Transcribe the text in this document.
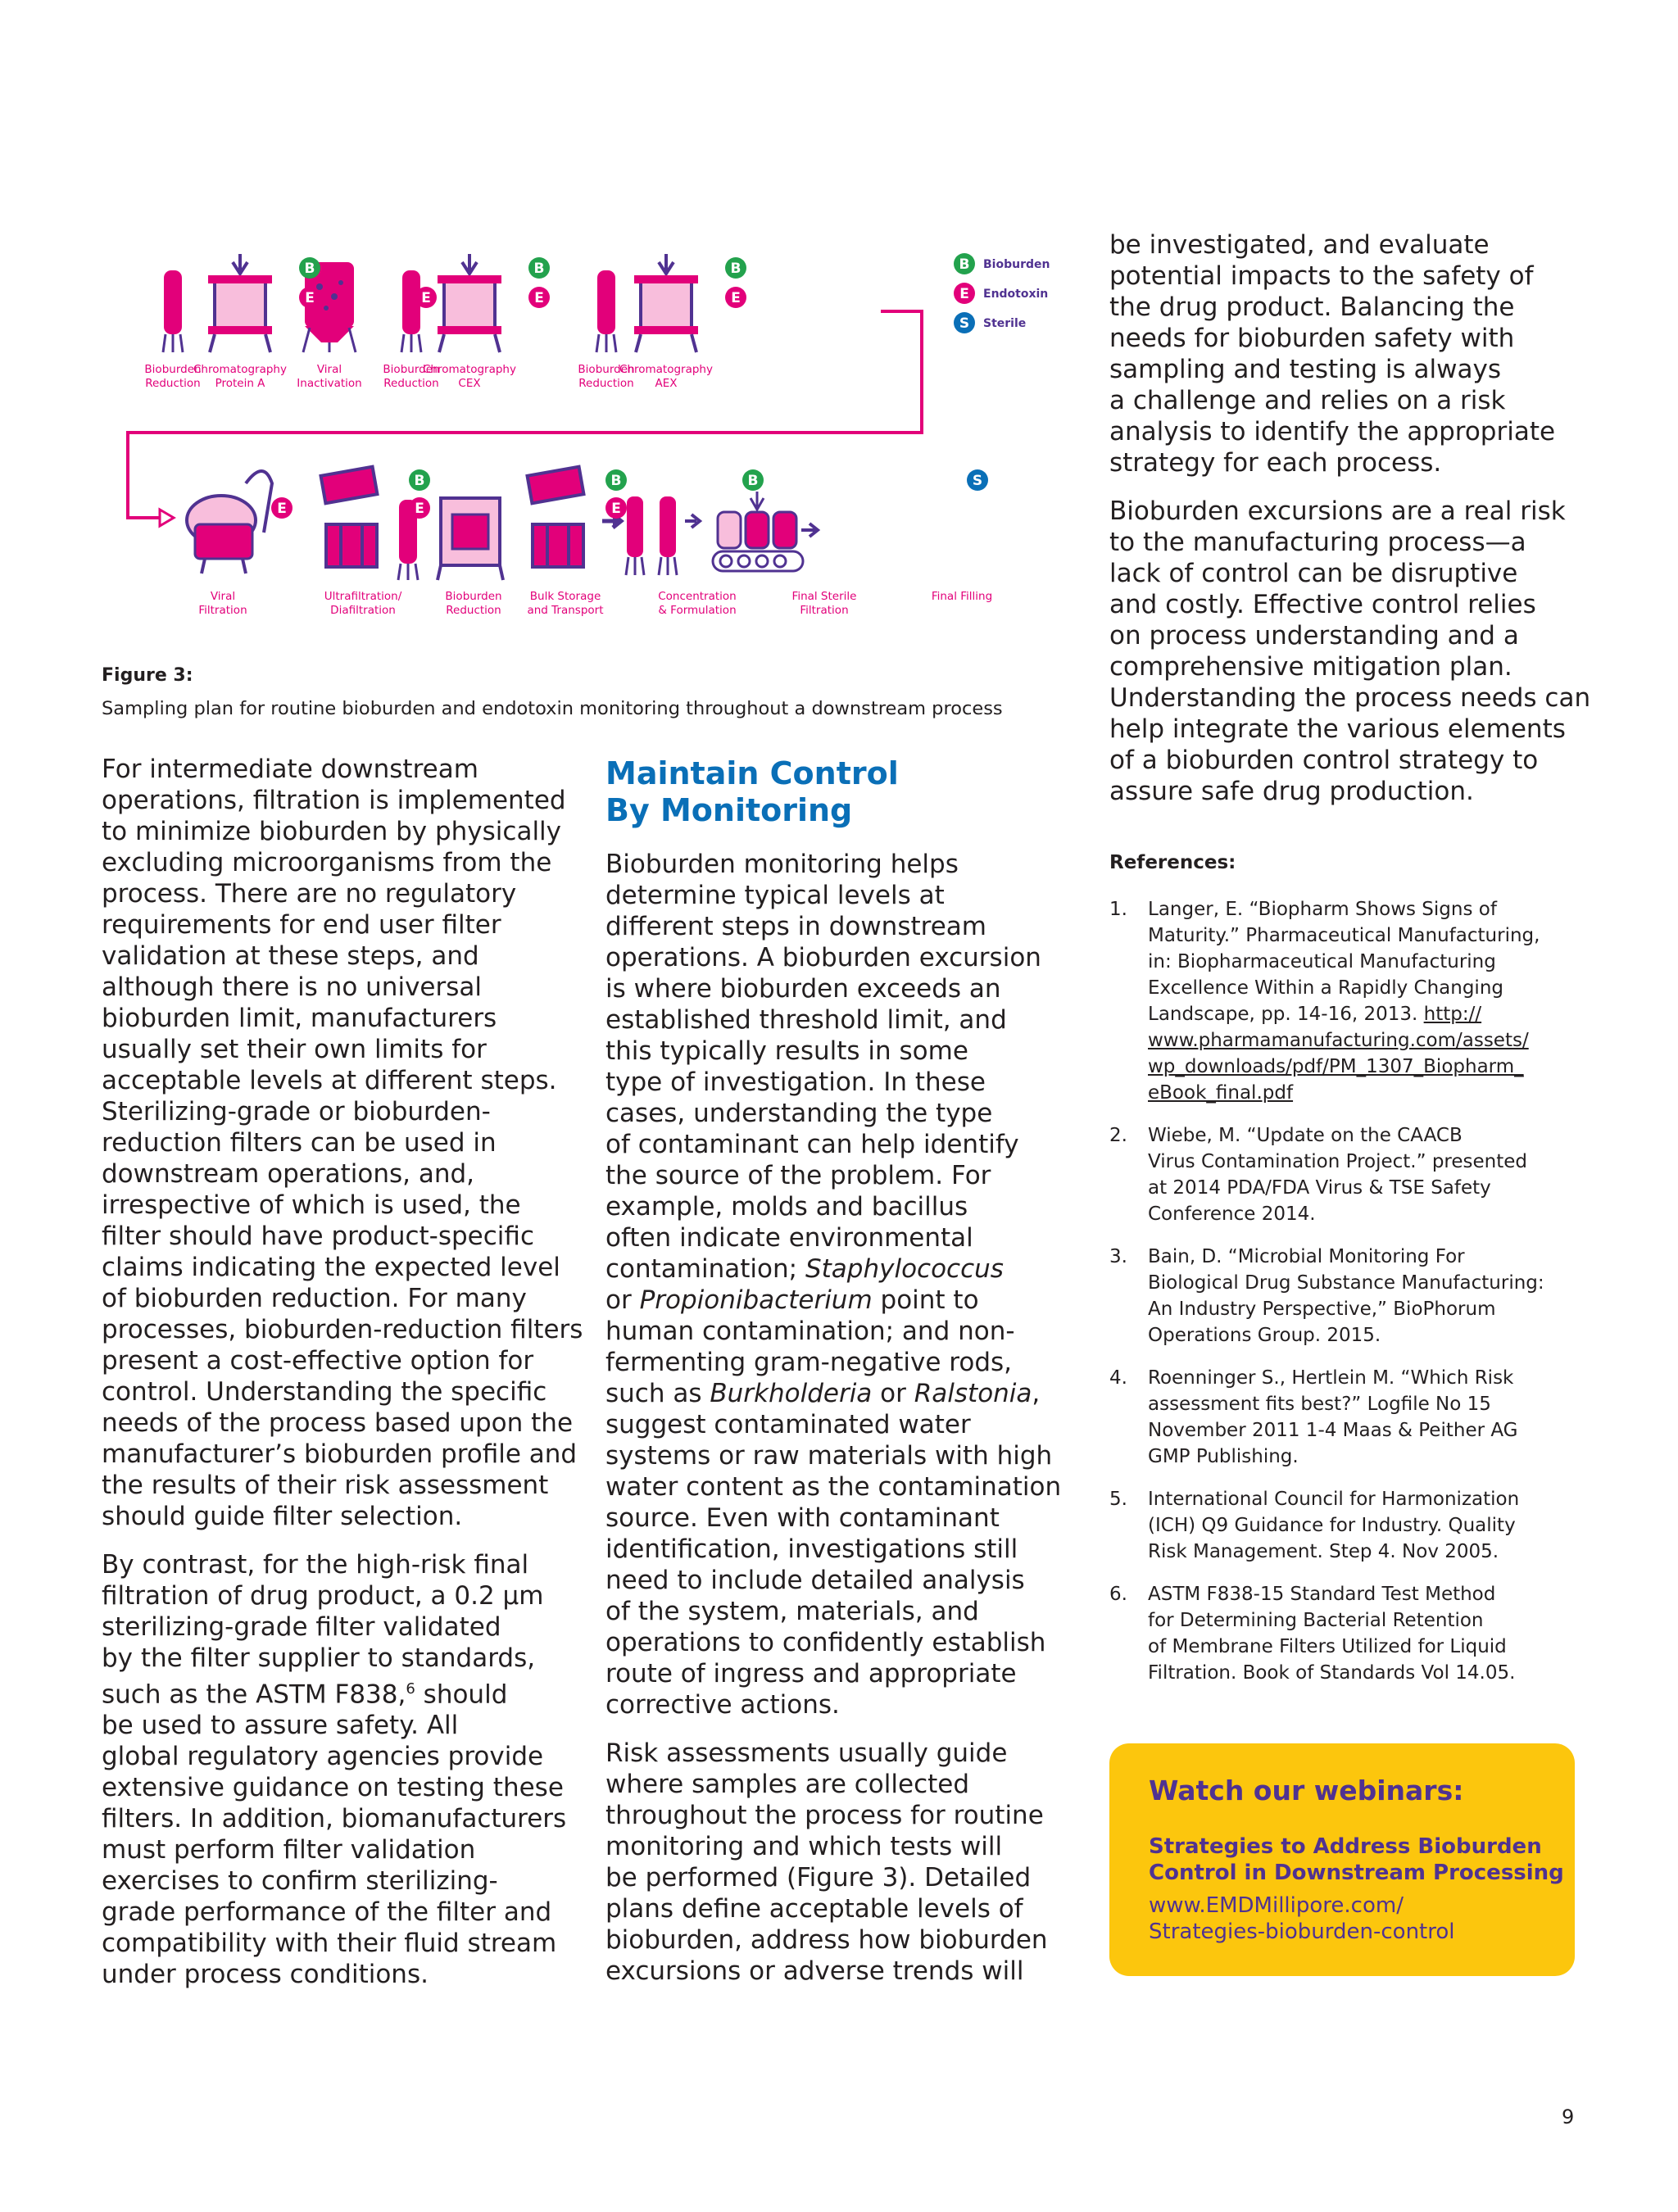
B
E	E
B
E
B
E
B Bioburden
E Endotoxin
S Sterile
Bioburden
Reduction
Chromatography
Protein A
Viral
Inactivation
Bioburden
Reduction
Chromatography
CEX
Bioburden
Reduction
Chromatography
AEX
E
B
E
B
E
B	S
Viral
Filtration
Ultrafiltration/
Diafiltration
Bioburden
Reduction
Bulk Storage
and Transport
Concentration
& Formulation
Final Sterile
Filtration
Final Filling
Figure 3:
Sampling plan for routine bioburden and endotoxin monitoring throughout a downstream process

For intermediate downstream

operations, filtration is implemented

to minimize bioburden by physically

excluding microorganisms from the

process. There are no regulatory

requirements for end user filter

validation at these steps, and

although there is no universal

bioburden limit, manufacturers

usually set their own limits for

acceptable levels at different steps.

Sterilizing-grade or bioburden-

reduction filters can be used in

downstream operations, and,

irrespective of which is used, the

filter should have product-specific

claims indicating the expected level

of bioburden reduction. For many

processes, bioburden-reduction filters

present a cost-effective option for

control. Understanding the specific

needs of the process based upon the

manufacturer’s bioburden profile and

the results of their risk assessment

should guide filter selection.

By contrast, for the high-risk final

filtration of drug product, a 0.2 µm

sterilizing-grade filter validated

by the filter supplier to standards,

such as the ASTM F838,$^6$ should

be used to assure safety. All

global regulatory agencies provide

extensive guidance on testing these

filters. In addition, biomanufacturers

must perform filter validation

exercises to confirm sterilizing-

grade performance of the filter and

compatibility with their fluid stream

under process conditions.

Maintain Control
By Monitoring

Bioburden monitoring helps

determine typical levels at

different steps in downstream

operations. A bioburden excursion

is where bioburden exceeds an

established threshold limit, and

this typically results in some

type of investigation. In these

cases, understanding the type

of contaminant can help identify

the source of the problem. For

example, molds and bacillus

often indicate environmental

contamination; Staphylococcus

or Propionibacterium point to

human contamination; and non-

fermenting gram-negative rods,

such as Burkholderia or Ralstonia,

suggest contaminated water

systems or raw materials with high

water content as the contamination

source. Even with contaminant

identification, investigations still

need to include detailed analysis

of the system, materials, and

operations to confidently establish

route of ingress and appropriate

corrective actions.

Risk assessments usually guide

where samples are collected

throughout the process for routine

monitoring and which tests will

be performed (Figure 3). Detailed

plans define acceptable levels of

bioburden, address how bioburden

excursions or adverse trends will

be investigated, and evaluate

potential impacts to the safety of

the drug product. Balancing the

needs for bioburden safety with

sampling and testing is always

a challenge and relies on a risk

analysis to identify the appropriate

strategy for each process.

Bioburden excursions are a real risk

to the manufacturing process—a

lack of control can be disruptive

and costly. Effective control relies

on process understanding and a

comprehensive mitigation plan.

Understanding the process needs can

help integrate the various elements

of a bioburden control strategy to

assure safe drug production.

References:
1. Langer, E. “Biopharm Shows Signs of
Maturity.” Pharmaceutical Manufacturing,
in: Biopharmaceutical Manufacturing
Excellence Within a Rapidly Changing
Landscape, pp. 14-16, 2013. http://
www.pharmamanufacturing.com/assets/
wp_downloads/pdf/PM_1307_Biopharm_
eBook_final.pdf
2. Wiebe, M. “Update on the CAACB
Virus Contamination Project.” presented
at 2014 PDA/FDA Virus & TSE Safety
Conference 2014.
3. Bain, D. “Microbial Monitoring For
Biological Drug Substance Manufacturing:
An Industry Perspective,” BioPhorum
Operations Group. 2015.
4. Roenninger S., Hertlein M. “Which Risk
assessment fits best?” Logfile No 15
November 2011 1-4 Maas & Peither AG
GMP Publishing.
5. International Council for Harmonization
(ICH) Q9 Guidance for Industry. Quality
Risk Management. Step 4. Nov 2005.
6. ASTM F838-15 Standard Test Method
for Determining Bacterial Retention
of Membrane Filters Utilized for Liquid
Filtration. Book of Standards Vol 14.05.
Watch our webinars:
Strategies to Address Bioburden
Control in Downstream Processing
www.EMDMillipore.com/
Strategies-bioburden-control
9
